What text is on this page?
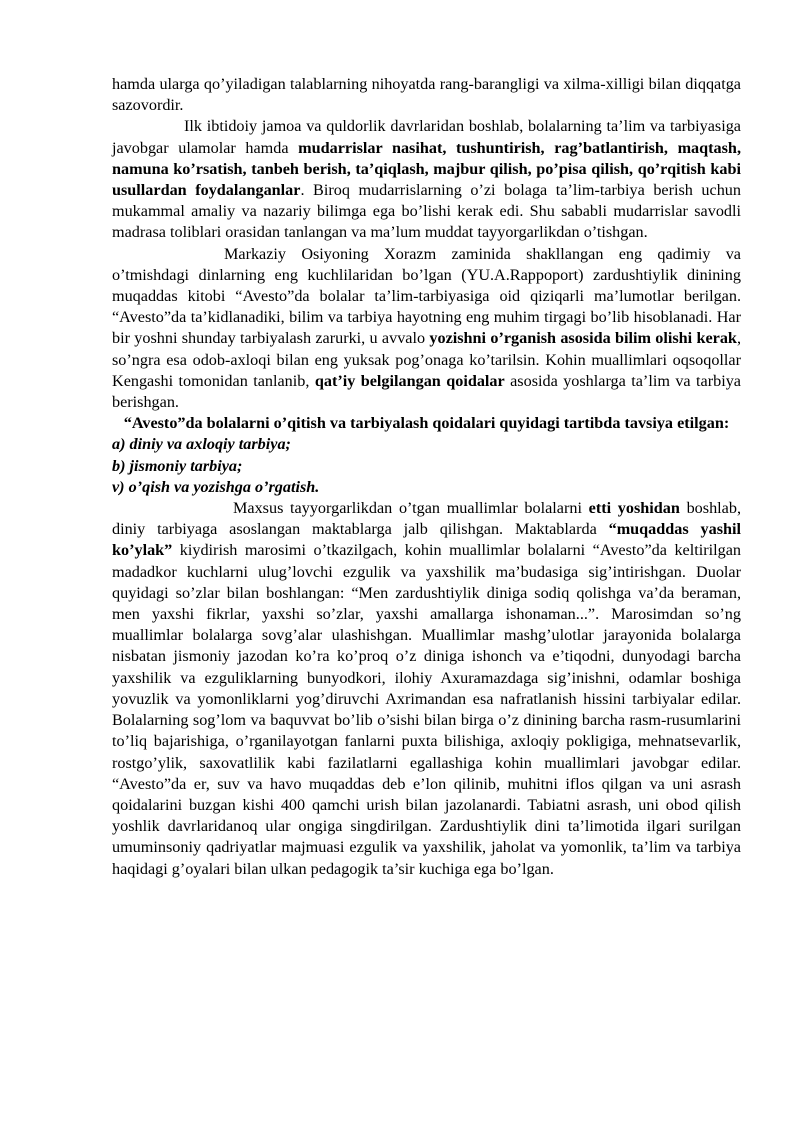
hamda ularga qo’yiladigan talablarning nihoyatda rang-barangligi va xilma-xilligi bilan diqqatga sazovordir.

Ilk ibtidoiy jamoa va quldorlik davrlaridan boshlab, bolalarning ta’lim va tarbiyasiga javobgar ulamolar hamda mudarrislar nasihat, tushuntirish, rag’batlantirish, maqtash, namuna ko’rsatish, tanbeh berish, ta’qiqlash, majbur qilish, po’pisa qilish, qo’rqitish kabi usullardan foydalanganlar. Biroq mudarrislarning o’zi bolaga ta’lim-tarbiya berish uchun mukammal amaliy va nazariy bilimga ega bo’lishi kerak edi. Shu sababli mudarrislar savodli madrasa toliblari orasidan tanlangan va ma’lum muddat tayyorgarlikdan o’tishgan.

Markaziy Osiyoning Xorazm zaminida shakllangan eng qadimiy va o’tmishdagi dinlarning eng kuchlilaridan bo’lgan (YU.A.Rappoport) zardushtiylik dinining muqaddas kitobi “Avesto”da bolalar ta’lim-tarbiyasiga oid qiziqarli ma’lumotlar berilgan. “Avesto”da ta’kidlanadiki, bilim va tarbiya hayotning eng muhim tirgagi bo’lib hisoblanadi. Har bir yoshni shunday tarbiyalash zarurki, u avvalo yozishni o’rganish asosida bilim olishi kerak, so’ngra esa odob-axloqi bilan eng yuksak pog’onaga ko’tarilsin. Kohin muallimlari oqsoqollar Kengashi tomonidan tanlanib, qat’iy belgilangan qoidalar asosida yoshlarga ta’lim va tarbiya berishgan.

“Avesto”da bolalarni o’qitish va tarbiyalash qoidalari quyidagi tartibda tavsiya etilgan:

a) diniy va axloqiy tarbiya;

b) jismoniy tarbiya;

v) o’qish va yozishga o’rgatish.

Maxsus tayyorgarlikdan o’tgan muallimlar bolalarni etti yoshidan boshlab, diniy tarbiyaga asoslangan maktablarga jalb qilishgan. Maktablarda “muqaddas yashil ko’ylak” kiydirish marosimi o’tkazilgach, kohin muallimlar bolalarni “Avesto”da keltirilgan madadkor kuchlarni ulug’lovchi ezgulik va yaxshilik ma’budasiga sig’intirishgan. Duolar quyidagi so’zlar bilan boshlangan: “Men zardushtiylik diniga sodiq qolishga va’da beraman, men yaxshi fikrlar, yaxshi so’zlar, yaxshi amallarga ishonaman...”. Marosimdan so’ng muallimlar bolalarga sovg’alar ulashishgan. Muallimlar mashg’ulotlar jarayonida bolalarga nisbatan jismoniy jazodan ko’ra ko’proq o’z diniga ishonch va e’tiqodni, dunyodagi barcha yaxshilik va ezguliklarning bunyodkori, ilohiy Axuramazdaga sig’inishni, odamlar boshiga yovuzlik va yomonliklarni yog’diruvchi Axrimandan esa nafratlanish hissini tarbiyalar edilar. Bolalarning sog’lom va baquvvat bo’lib o’sishi bilan birga o’z dinining barcha rasm-rusumlarini to’liq bajarishiga, o’rganilayotgan fanlarni puxta bilishiga, axloqiy pokligiga, mehnatsevarlik, rostgo’ylik, saxovatlilik kabi fazilatlarni egallashiga kohin muallimlari javobgar edilar. “Avesto”da er, suv va havo muqaddas deb e’lon qilinib, muhitni iflos qilgan va uni asrash qoidalarini buzgan kishi 400 qamchi urish bilan jazolanardi. Tabiatni asrash, uni obod qilish yoshlik davrlaridanoq ular ongiga singdirilgan. Zardushtiylik dini ta’limotida ilgari surilgan umuminsoniy qadriyatlar majmuasi ezgulik va yaxshilik, jaholat va yomonlik, ta’lim va tarbiya haqidagi g’oyalari bilan ulkan pedagogik ta’sir kuchiga ega bo’lgan.
